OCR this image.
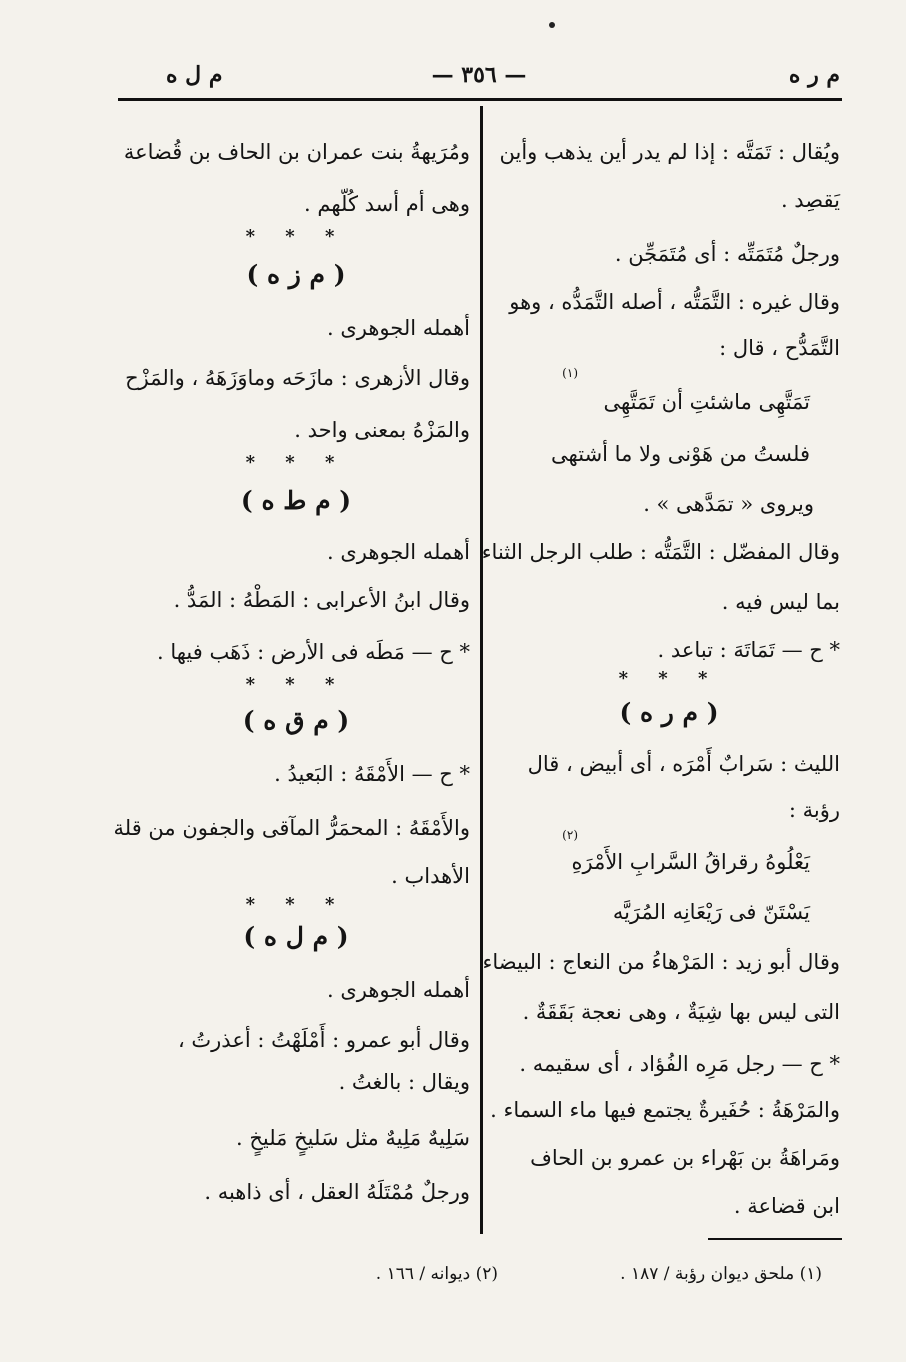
م ر ه
— ٣٥٦ —
م ل ه
ويُقال : تَمَتَّه : إذا لم يدر أين يذهب وأين
يَقصِد .
ورجلٌ مُتَمَتِّه : أى مُتَمَجِّن .
وقال غيره : التَّمَتُّه ، أصله التَّمَدُّه ، وهو
التَّمَدُّح ، قال :
(١)
تَمَتَّهِى ماشئتِ أن تَمَتَّهِى
فلستُ من هَوْنى ولا ما أشتهى
ويروى « تمَدَّهى » .
وقال المفضّل : التَّمَتُّه : طلب الرجل الثناء
بما ليس فيه .
* ح — تَمَاتَهَ : تباعد .
* * *
( م ر ه )
الليث : سَرابٌ أَمْرَه ، أى أبيض ، قال
رؤبة :
(٢)
يَعْلُوهُ رقراقُ السَّرابِ الأَمْرَهِ
يَسْتَنّ فى رَيْعَانِه المُرَيَّه
وقال أبو زيد : المَرْهاءُ من النعاج : البيضاء
التى ليس بها شِيَةٌ ، وهى نعجة بَقَقَةٌ .
* ح — رجل مَرِه الفُؤاد ، أى سقيمه .
والمَرْهَةُ : حُفَيرةٌ يجتمع فيها ماء السماء .
ومَراهَةُ بن بَهْراء بن عمرو بن الحاف
ابن قضاعة .
ومُرَيهةُ بنت عمران بن الحاف بن قُضاعة
وهى أم أسد كُلّهم .
* * *
( م ز ه )
أهمله الجوهرى .
وقال الأزهرى : مازَحَه وماوَزَهَهُ ، والمَزْح
والمَزْهُ بمعنى واحد .
* * *
( م ط ه )
أهمله الجوهرى .
وقال ابنُ الأعرابى : المَطْهُ : المَدُّ .
* ح — مَطَه فى الأرض : ذَهَب فيها .
* * *
( م ق ه )
* ح — الأَمْقَهُ : البَعيدُ .
والأَمْقَهُ : المحمَرُّ المآقى والجفون من قلة
الأهداب .
* * *
( م ل ه )
أهمله الجوهرى .
وقال أبو عمرو : أَمْلَهْتُ : أعذرتُ ،
ويقال : بالغتُ .
سَلِيهٌ مَلِيهٌ مثل سَليخٍ مَليخٍ .
ورجلٌ مُمْتَلَهُ العقل ، أى ذاهبه .
(١) ملحق ديوان رؤبة / ١٨٧ .
(٢) ديوانه / ١٦٦ .
